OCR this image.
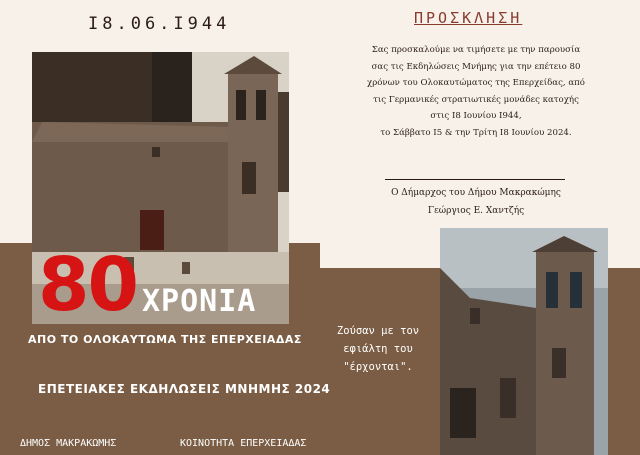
I8.06.I944
80 ΧΡΟΝΙΑ
ΑΠΟ ΤΟ ΟΛΟΚΑΥΤΩΜΑ ΤΗΣ ΕΠΕΡΧΕΙΑΔΑΣ
ΕΠΕΤΕΙΑΚΕΣ ΕΚΔΗΛΩΣΕΙΣ ΜΝΗΜΗΣ 2024
ΔΗΜΟΣ ΜΑΚΡΑΚΩΜΗΣ	ΚΟΙΝΟΤΗΤΑ ΕΠΕΡΧΕΙΑΔΑΣ
ΠΡΟΣΚΛΗΣΗ
Σας προσκαλούμε να τιμήσετε με την παρουσία
σας τις Εκδηλώσεις Μνήμης για την επέτειο 80
χρόνων του Ολοκαυτώματος της Επερχείδας, από
τις Γερμανικές στρατιωτικές μονάδες κατοχής
στις I8 Ιουνίου I944,
το Σάββατο I5 & την Τρίτη I8 Ιουνίου 2024.
Ο Δήμαρχος του Δήμου Μακρακώμης
Γεώργιος Ε. Χαντζής
Ζούσαν με τον
εφιάλτη του
"έρχονται".
